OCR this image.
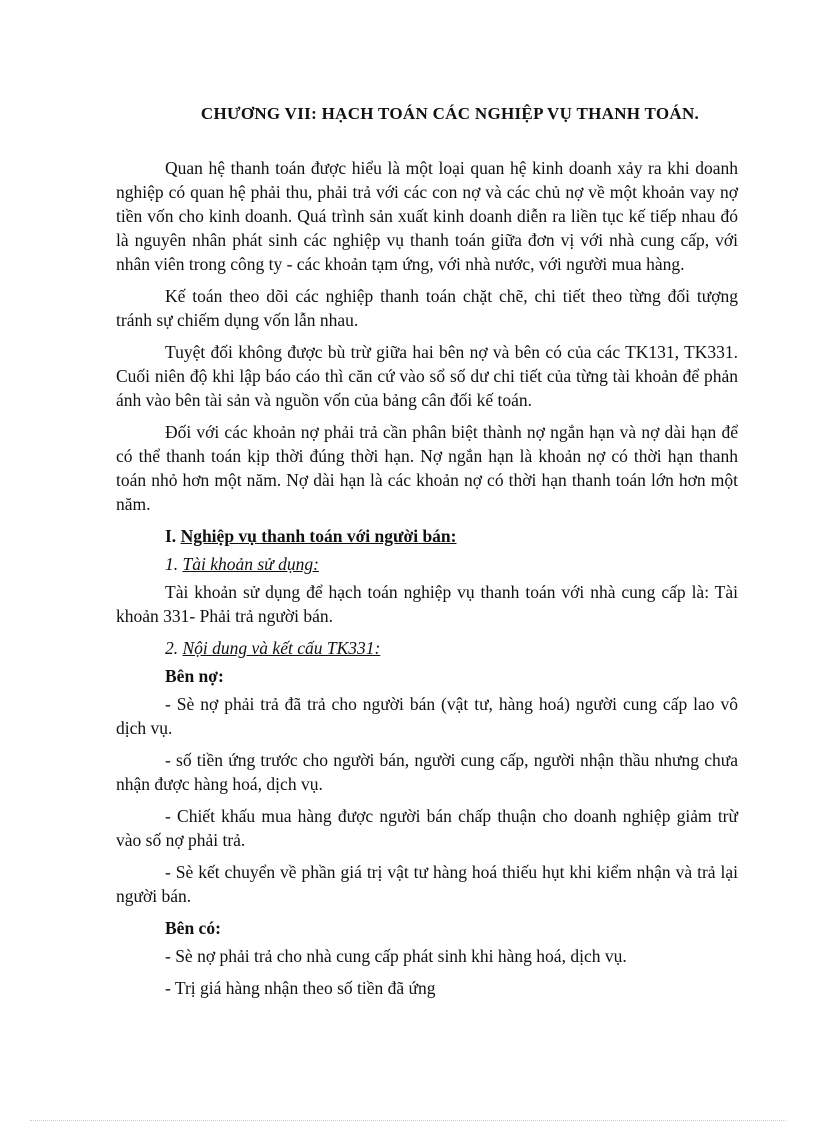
CHƯƠNG VII: HẠCH TOÁN CÁC NGHIỆP VỤ THANH TOÁN.

Quan hệ thanh toán được hiểu là một loại quan hệ kinh doanh xảy ra khi doanh nghiệp có quan hệ phải thu, phải trả với các con nợ và các chủ nợ về một khoản vay nợ tiền vốn cho kinh doanh. Quá trình sản xuất kinh doanh diễn ra liền tục kế tiếp nhau đó là nguyên nhân phát sinh các nghiệp vụ thanh toán giữa đơn vị với nhà cung cấp, với nhân viên trong công ty - các khoản tạm ứng, với nhà nước, với người mua hàng.

Kế toán theo dõi các nghiệp thanh toán chặt chẽ, chi tiết theo từng đối tượng tránh sự chiếm dụng vốn lẫn nhau.

Tuyệt đối không được bù trừ giữa hai bên nợ và bên có của các TK131, TK331. Cuối niên độ khi lập báo cáo thì căn cứ vào sổ số dư chi tiết của từng tài khoản để phản ánh vào bên tài sản và nguồn vốn của bảng cân đối kế toán.

Đối với các khoản nợ phải trả cần phân biệt thành nợ ngắn hạn và nợ dài hạn để có thể thanh toán kịp thời đúng thời hạn. Nợ ngắn hạn là khoản nợ có thời hạn thanh toán nhỏ hơn một năm. Nợ dài hạn là các khoản nợ có thời hạn thanh toán lớn hơn một năm.

I. Nghiệp vụ thanh toán với người bán:

1. Tài khoản sử dụng:

Tài khoản sử dụng để hạch toán nghiệp vụ thanh toán với nhà cung cấp là: Tài khoản 331- Phải trả người bán.

2. Nội dung và kết cấu TK331:

Bên nợ:

- Sè nợ phải trả đã trả cho người bán (vật tư, hàng hoá) người cung cấp lao vô dịch vụ.

- số tiền ứng trước cho người bán, người cung cấp, người nhận thầu nhưng chưa nhận được hàng hoá, dịch vụ.

- Chiết khấu mua hàng được người bán chấp thuận cho doanh nghiệp giảm trừ vào số nợ phải trả.

- Sè kết chuyển về phần giá trị vật tư hàng hoá thiếu hụt khi kiểm nhận và trả lại người bán.

Bên có:

- Sè nợ phải trả cho nhà cung cấp phát sinh khi hàng hoá, dịch vụ.

- Trị giá hàng nhận theo số tiền đã ứng
